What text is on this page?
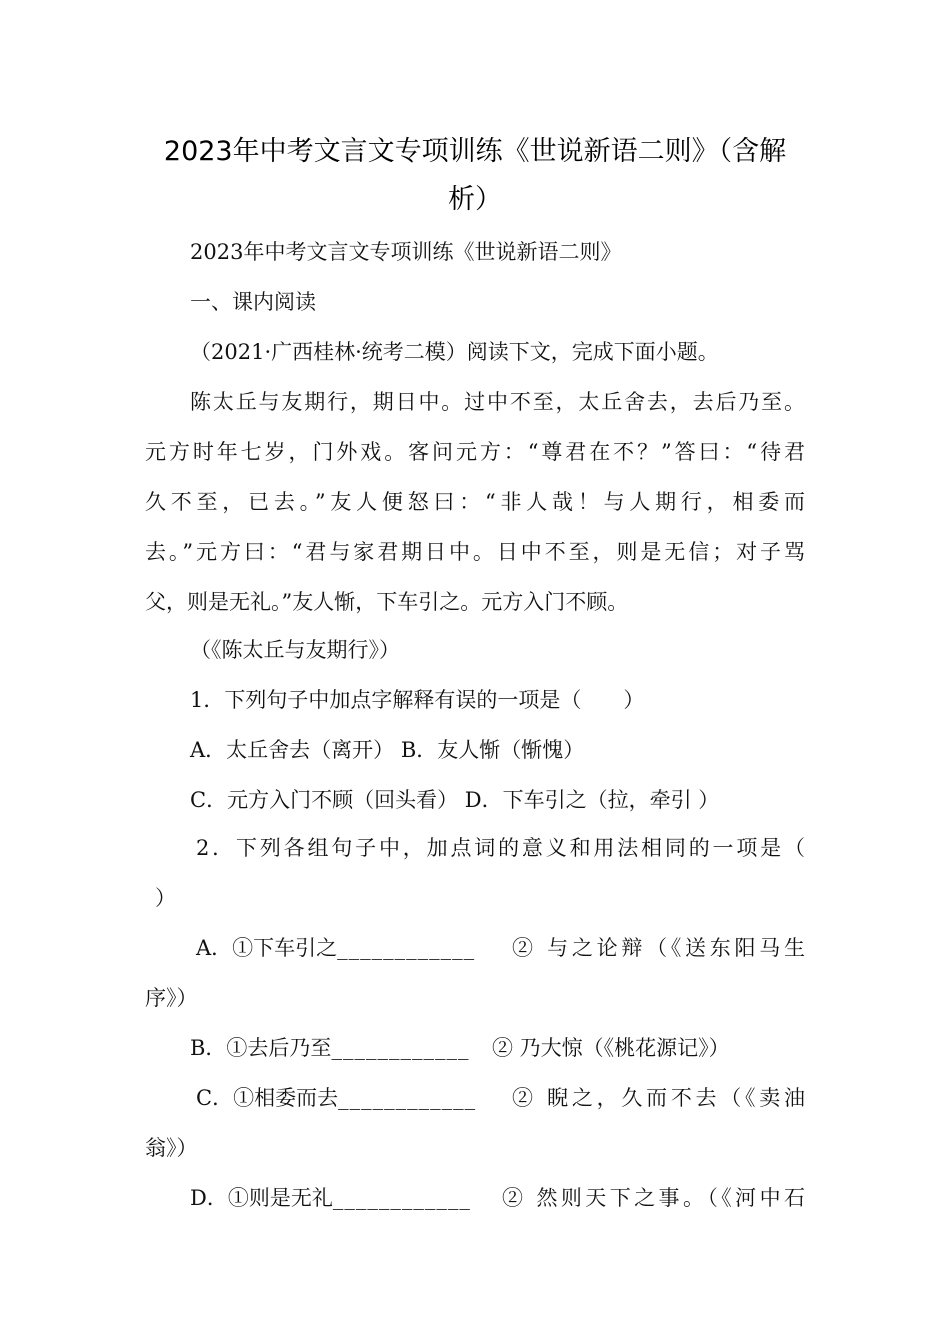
2023年中考文言文专项训练《世说新语二则》（含解
析）
2023年中考文言文专项训练《世说新语二则》
一、课内阅读
（2021·广西桂林·统考二模）阅读下文，完成下面小题。
陈太丘与友期行，期日中。过中不至，太丘舍去，去后乃至。
元方时年七岁，门外戏。客问元方：“尊君在不？”答曰：“待君
久不至，已去。”友人便怒曰：“非人哉！与人期行，相委而
去。”元方曰：“君与家君期日中。日中不至，则是无信；对子骂
父，则是无礼。”友人惭，下车引之。元方入门不顾。
（《陈太丘与友期行》）
1．下列句子中加点字解释有误的一项是（　　）
A．太丘舍去（离开） B．友人惭（惭愧）
C．元方入门不顾（回头看） D．下车引之（拉，牵引 ）
2．下列各组句子中，加点词的意义和用法相同的一项是（
）
A．①下车引之____________	② 与之论辩（《送东阳马生
序》）
B．①去后乃至____________	② 乃大惊（《桃花源记》）
C．①相委而去____________	② 睨之，久而不去（《卖油
翁》）
D．①则是无礼____________	② 然则天下之事。（《河中石
